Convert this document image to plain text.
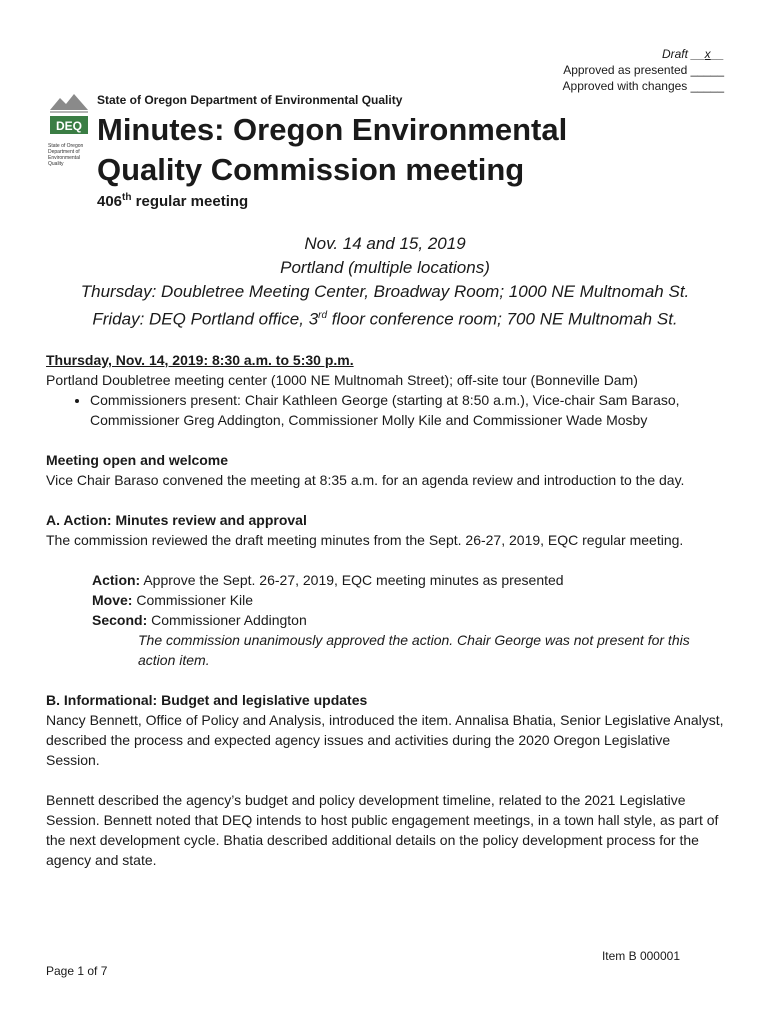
Draft __x__
Approved as presented _____
Approved with changes _____
DEQ
State of Oregon Department of Environmental Quality
State of Oregon Department of Environmental Quality
Minutes: Oregon Environmental Quality Commission meeting
406th regular meeting
Nov. 14 and 15, 2019
Portland (multiple locations)
Thursday: Doubletree Meeting Center, Broadway Room; 1000 NE Multnomah St.
Friday: DEQ Portland office, 3rd floor conference room; 700 NE Multnomah St.
Thursday, Nov. 14, 2019: 8:30 a.m. to 5:30 p.m.
Portland Doubletree meeting center (1000 NE Multnomah Street); off-site tour (Bonneville Dam)
• Commissioners present: Chair Kathleen George (starting at 8:50 a.m.), Vice-chair Sam Baraso, Commissioner Greg Addington, Commissioner Molly Kile and Commissioner Wade Mosby
Meeting open and welcome
Vice Chair Baraso convened the meeting at 8:35 a.m. for an agenda review and introduction to the day.
A. Action: Minutes review and approval
The commission reviewed the draft meeting minutes from the Sept. 26-27, 2019, EQC regular meeting.
Action: Approve the Sept. 26-27, 2019, EQC meeting minutes as presented
Move: Commissioner Kile
Second: Commissioner Addington
The commission unanimously approved the action. Chair George was not present for this action item.
B. Informational: Budget and legislative updates
Nancy Bennett, Office of Policy and Analysis, introduced the item. Annalisa Bhatia, Senior Legislative Analyst, described the process and expected agency issues and activities during the 2020 Oregon Legislative Session.
Bennett described the agency’s budget and policy development timeline, related to the 2021 Legislative Session. Bennett noted that DEQ intends to host public engagement meetings, in a town hall style, as part of the next development cycle. Bhatia described additional details on the policy development process for the agency and state.
Item B 000001
Page 1 of 7
